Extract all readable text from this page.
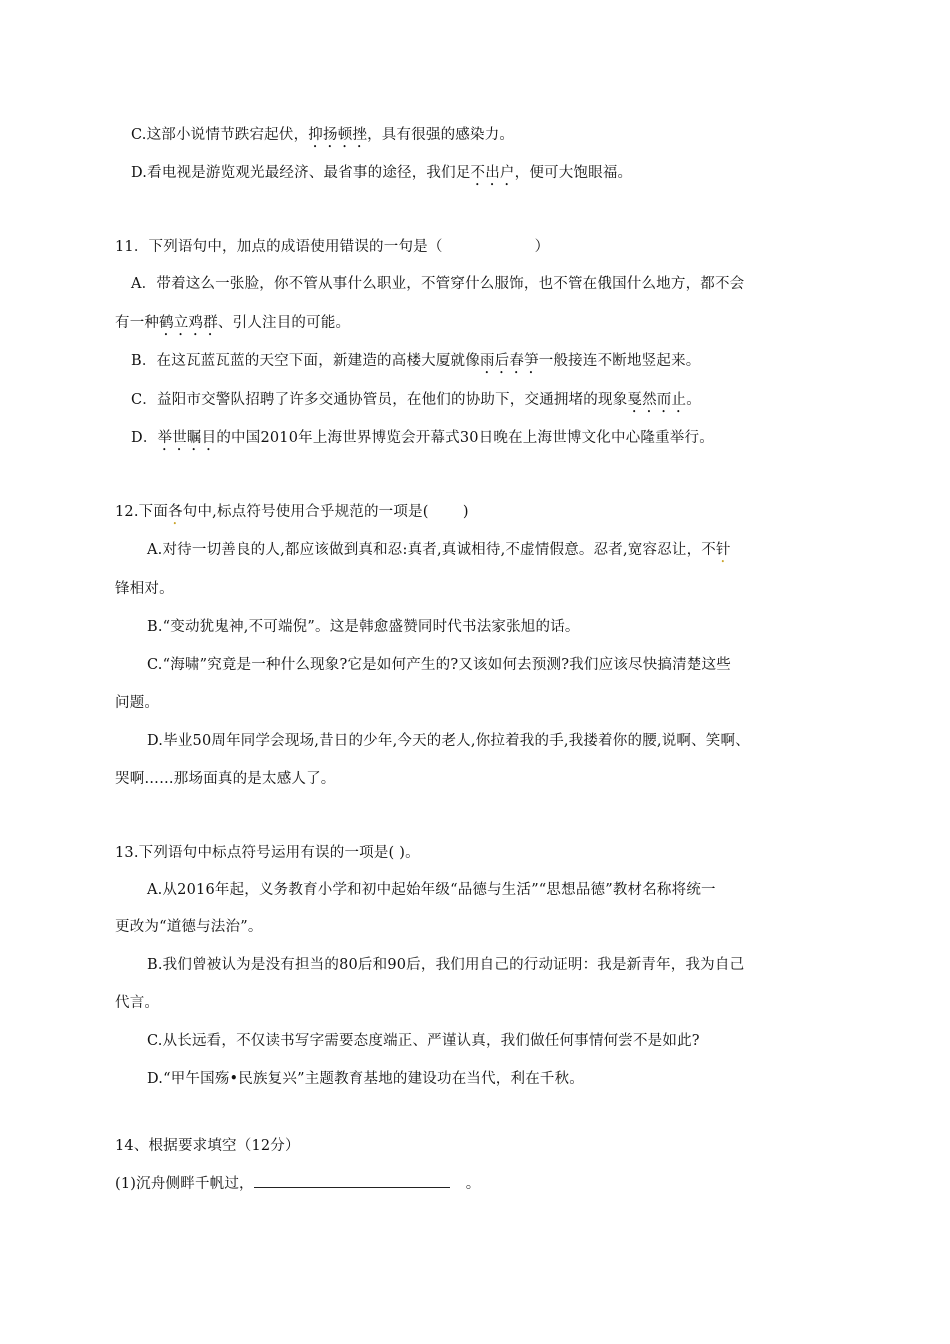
C.这部小说情节跌宕起伏，抑扬顿挫，具有很强的感染力。
D.看电视是游览观光最经济、最省事的途径，我们足不出户，便可大饱眼福。
11．下列语句中，加点的成语使用错误的一句是（	）
A．带着这么一张脸，你不管从事什么职业，不管穿什么服饰，也不管在俄国什么地方，都不会
有一种鹤立鸡群、引人注目的可能。
B．在这瓦蓝瓦蓝的天空下面，新建造的高楼大厦就像雨后春笋一般接连不断地竖起来。
C．益阳市交警队招聘了许多交通协管员，在他们的协助下，交通拥堵的现象戛然而止。
D．举世瞩目的中国2010年上海世界博览会开幕式30日晚在上海世博文化中心隆重举行。
12.下面各句中,标点符号使用合乎规范的一项是(　　 )
A.对待一切善良的人,都应该做到真和忍:真者,真诚相待,不虚情假意。忍者,宽容忍让，不针
锋相对。
B.“变动犹鬼神,不可端倪”。这是韩愈盛赞同时代书法家张旭的话。
C.“海啸”究竟是一种什么现象?它是如何产生的?又该如何去预测?我们应该尽快搞清楚这些
问题。
D.毕业50周年同学会现场,昔日的少年,今天的老人,你拉着我的手,我搂着你的腰,说啊、笑啊、
哭啊……那场面真的是太感人了。
13.下列语句中标点符号运用有误的一项是( )。
A.从2016年起，义务教育小学和初中起始年级“品德与生活”“思想品德”教材名称将统一
更改为“道德与法治”。
B.我们曾被认为是没有担当的80后和90后，我们用自己的行动证明：我是新青年，我为自己
代言。
C.从长远看，不仅读书写字需要态度端正、严谨认真，我们做任何事情何尝不是如此?
D.“甲午国殇•民族复兴”主题教育基地的建设功在当代，利在千秋。
14、根据要求填空（12分）
(1)沉舟侧畔千帆过，	。
